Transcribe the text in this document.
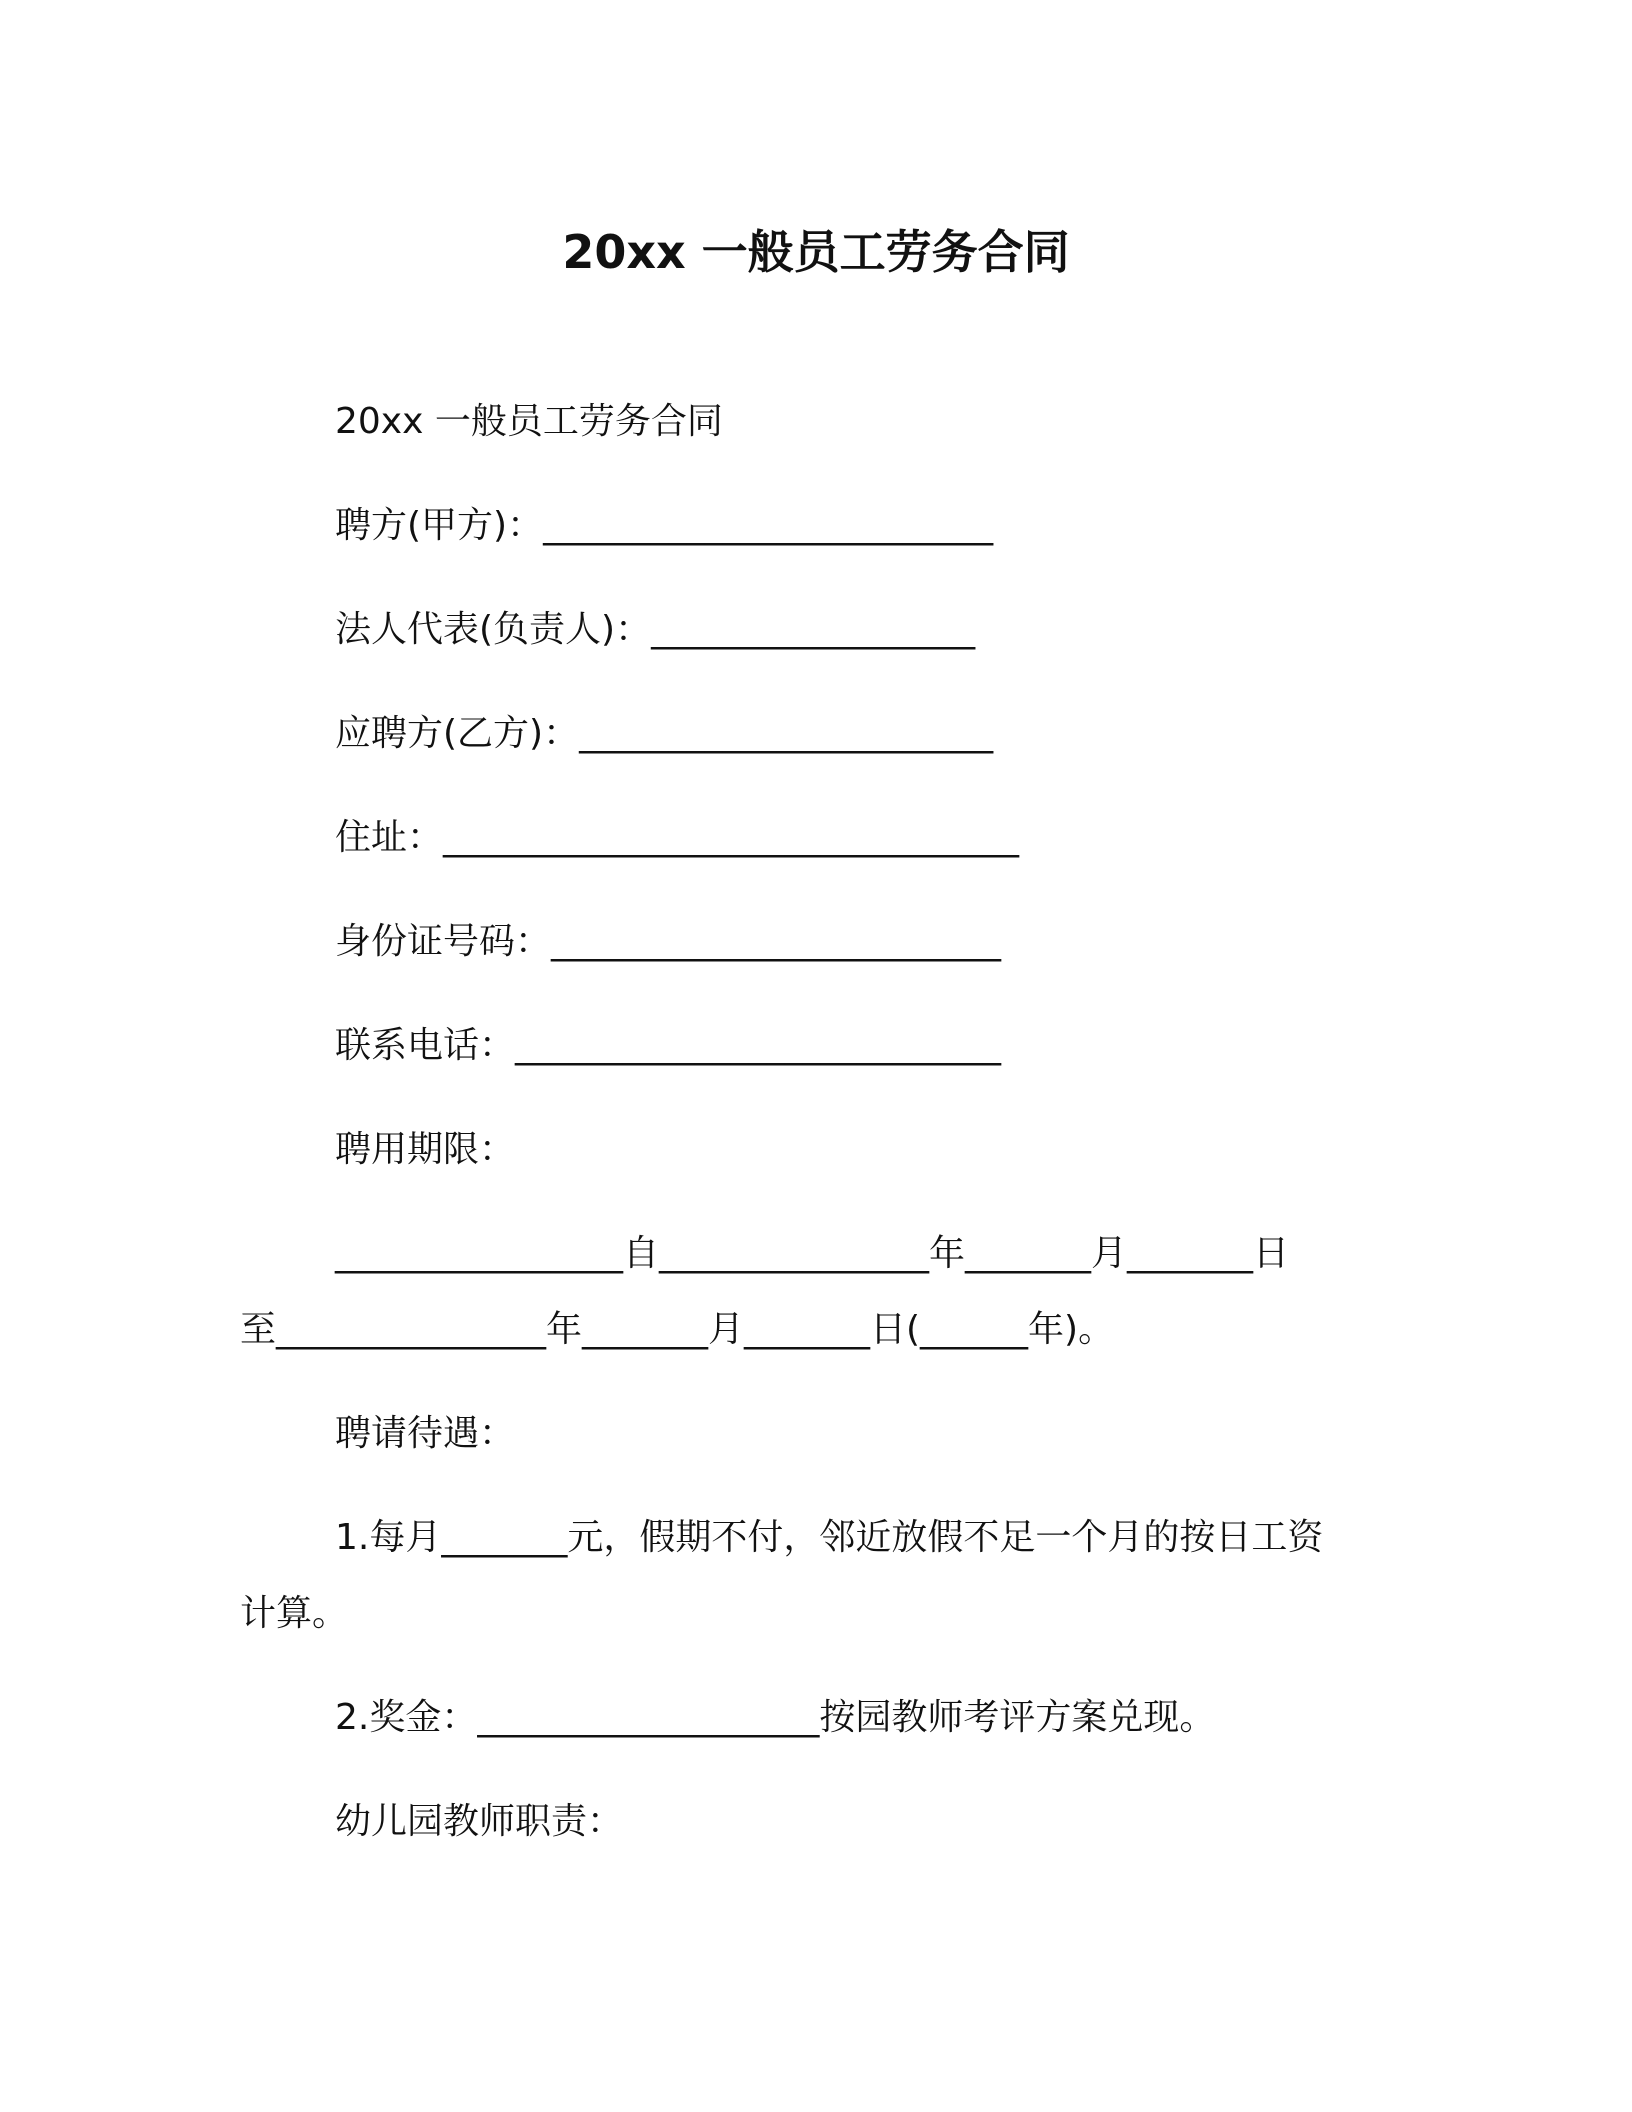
20xx 一般员工劳务合同
20xx 一般员工劳务合同
聘方(甲方)：_________________________
法人代表(负责人)：__________________
应聘方(乙方)：_______________________
住址：________________________________
身份证号码：_________________________
联系电话：___________________________
聘用期限：
________________自_______________年_______月_______日
至_______________年_______月_______日(______年)。
聘请待遇：
1.每月_______元，假期不付，邻近放假不足一个月的按日工资
计算。
2.奖金：___________________按园教师考评方案兑现。
幼儿园教师职责：
